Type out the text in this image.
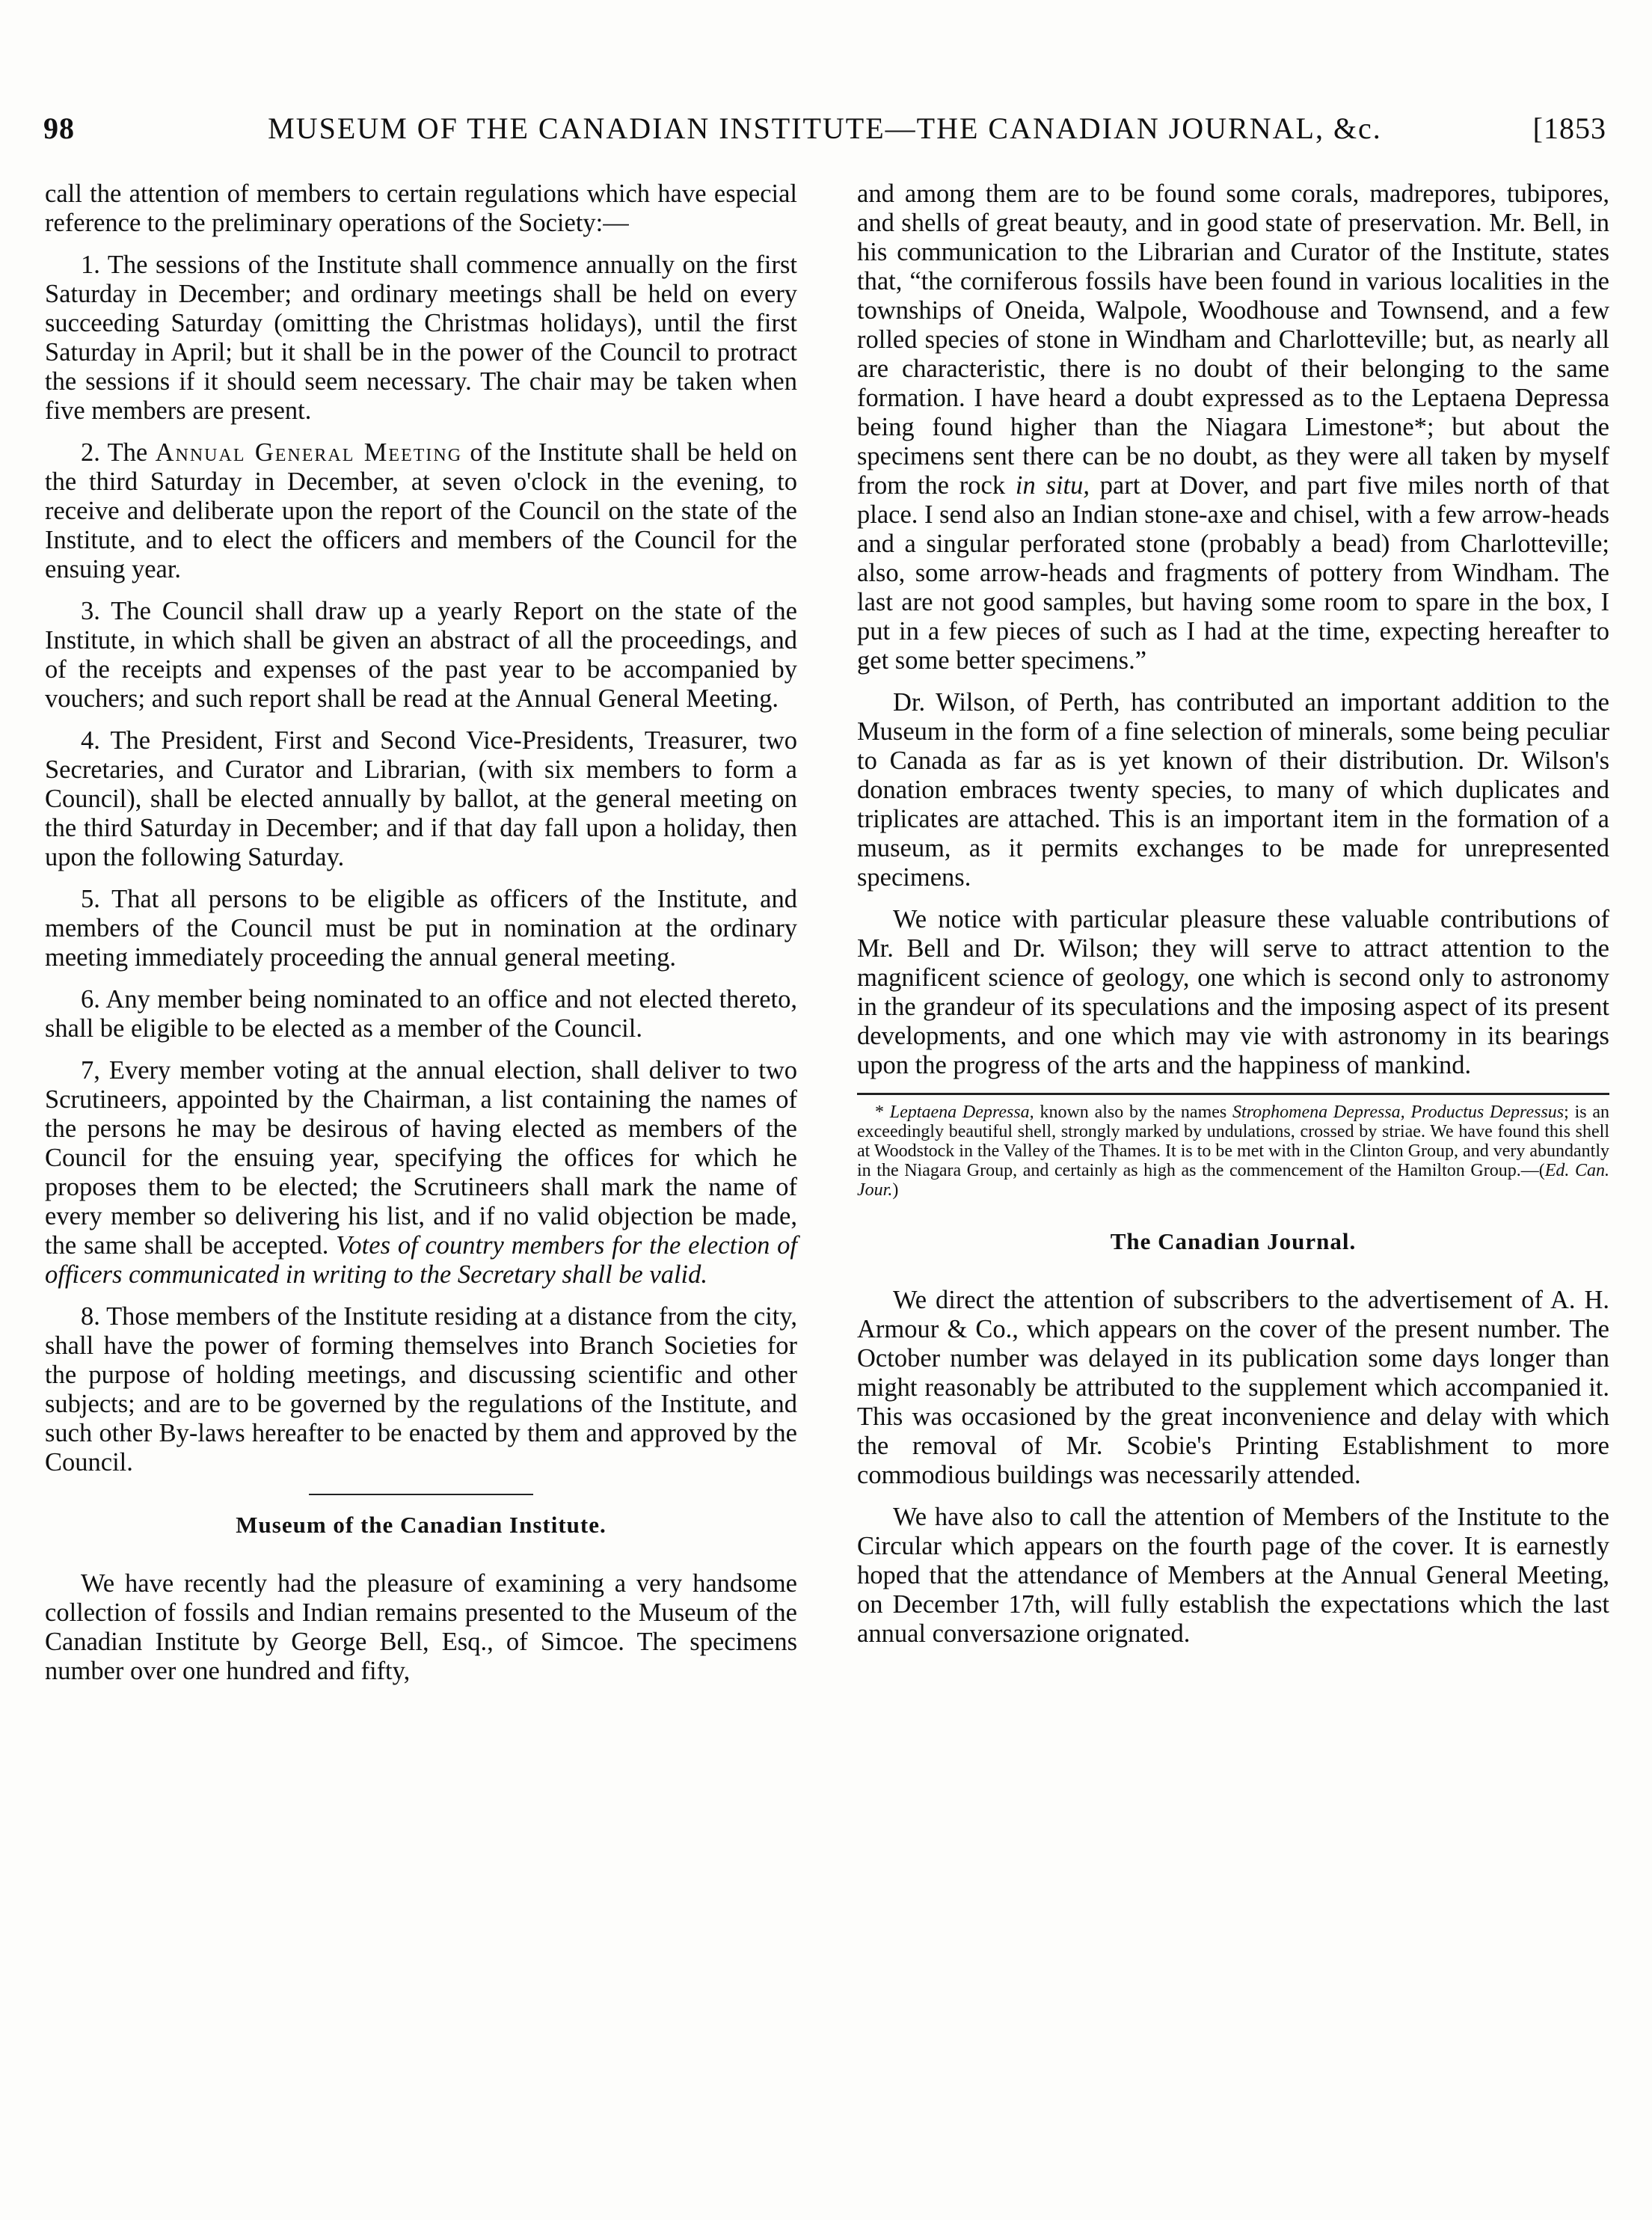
98	MUSEUM OF THE CANADIAN INSTITUTE—THE CANADIAN JOURNAL, &c.	[1853

call the attention of members to certain regulations which have especial reference to the preliminary operations of the Society:—

1. The sessions of the Institute shall commence annually on the first Saturday in December; and ordinary meetings shall be held on every succeeding Saturday (omitting the Christmas holidays), until the first Saturday in April; but it shall be in the power of the Council to protract the sessions if it should seem necessary. The chair may be taken when five members are present.

2. The Annual General Meeting of the Institute shall be held on the third Saturday in December, at seven o'clock in the evening, to receive and deliberate upon the report of the Council on the state of the Institute, and to elect the officers and members of the Council for the ensuing year.

3. The Council shall draw up a yearly Report on the state of the Institute, in which shall be given an abstract of all the proceedings, and of the receipts and expenses of the past year to be accompanied by vouchers; and such report shall be read at the Annual General Meeting.

4. The President, First and Second Vice-Presidents, Treasurer, two Secretaries, and Curator and Librarian, (with six members to form a Council), shall be elected annually by ballot, at the general meeting on the third Saturday in December; and if that day fall upon a holiday, then upon the following Saturday.

5. That all persons to be eligible as officers of the Institute, and members of the Council must be put in nomination at the ordinary meeting immediately proceeding the annual general meeting.

6. Any member being nominated to an office and not elected thereto, shall be eligible to be elected as a member of the Council.

7, Every member voting at the annual election, shall deliver to two Scrutineers, appointed by the Chairman, a list containing the names of the persons he may be desirous of having elected as members of the Council for the ensuing year, specifying the offices for which he proposes them to be elected; the Scrutineers shall mark the name of every member so delivering his list, and if no valid objection be made, the same shall be accepted. Votes of country members for the election of officers communicated in writing to the Secretary shall be valid.

8. Those members of the Institute residing at a distance from the city, shall have the power of forming themselves into Branch Societies for the purpose of holding meetings, and discussing scientific and other subjects; and are to be governed by the regulations of the Institute, and such other By-laws hereafter to be enacted by them and approved by the Council.

Museum of the Canadian Institute.

We have recently had the pleasure of examining a very handsome collection of fossils and Indian remains presented to the Museum of the Canadian Institute by George Bell, Esq., of Simcoe. The specimens number over one hundred and fifty,

and among them are to be found some corals, madrepores, tubipores, and shells of great beauty, and in good state of preservation. Mr. Bell, in his communication to the Librarian and Curator of the Institute, states that, “the corniferous fossils have been found in various localities in the townships of Oneida, Walpole, Woodhouse and Townsend, and a few rolled species of stone in Windham and Charlotteville; but, as nearly all are characteristic, there is no doubt of their belonging to the same formation. I have heard a doubt expressed as to the Leptaena Depressa being found higher than the Niagara Limestone*; but about the specimens sent there can be no doubt, as they were all taken by myself from the rock in situ, part at Dover, and part five miles north of that place. I send also an Indian stone-axe and chisel, with a few arrow-heads and a singular perforated stone (probably a bead) from Charlotteville; also, some arrow-heads and fragments of pottery from Windham. The last are not good samples, but having some room to spare in the box, I put in a few pieces of such as I had at the time, expecting hereafter to get some better specimens.”

Dr. Wilson, of Perth, has contributed an important addition to the Museum in the form of a fine selection of minerals, some being peculiar to Canada as far as is yet known of their distribution. Dr. Wilson's donation embraces twenty species, to many of which duplicates and triplicates are attached. This is an important item in the formation of a museum, as it permits exchanges to be made for unrepresented specimens.

We notice with particular pleasure these valuable contributions of Mr. Bell and Dr. Wilson; they will serve to attract attention to the magnificent science of geology, one which is second only to astronomy in the grandeur of its speculations and the imposing aspect of its present developments, and one which may vie with astronomy in its bearings upon the progress of the arts and the happiness of mankind.

* Leptaena Depressa, known also by the names Strophomena Depressa, Productus Depressus; is an exceedingly beautiful shell, strongly marked by undulations, crossed by striae. We have found this shell at Woodstock in the Valley of the Thames. It is to be met with in the Clinton Group, and very abundantly in the Niagara Group, and certainly as high as the commencement of the Hamilton Group.—(Ed. Can. Jour.)
The Canadian Journal.

We direct the attention of subscribers to the advertisement of A. H. Armour & Co., which appears on the cover of the present number. The October number was delayed in its publication some days longer than might reasonably be attributed to the supplement which accompanied it. This was occasioned by the great inconvenience and delay with which the removal of Mr. Scobie's Printing Establishment to more commodious buildings was necessarily attended.

We have also to call the attention of Members of the Institute to the Circular which appears on the fourth page of the cover. It is earnestly hoped that the attendance of Members at the Annual General Meeting, on December 17th, will fully establish the expectations which the last annual conversazione orignated.
